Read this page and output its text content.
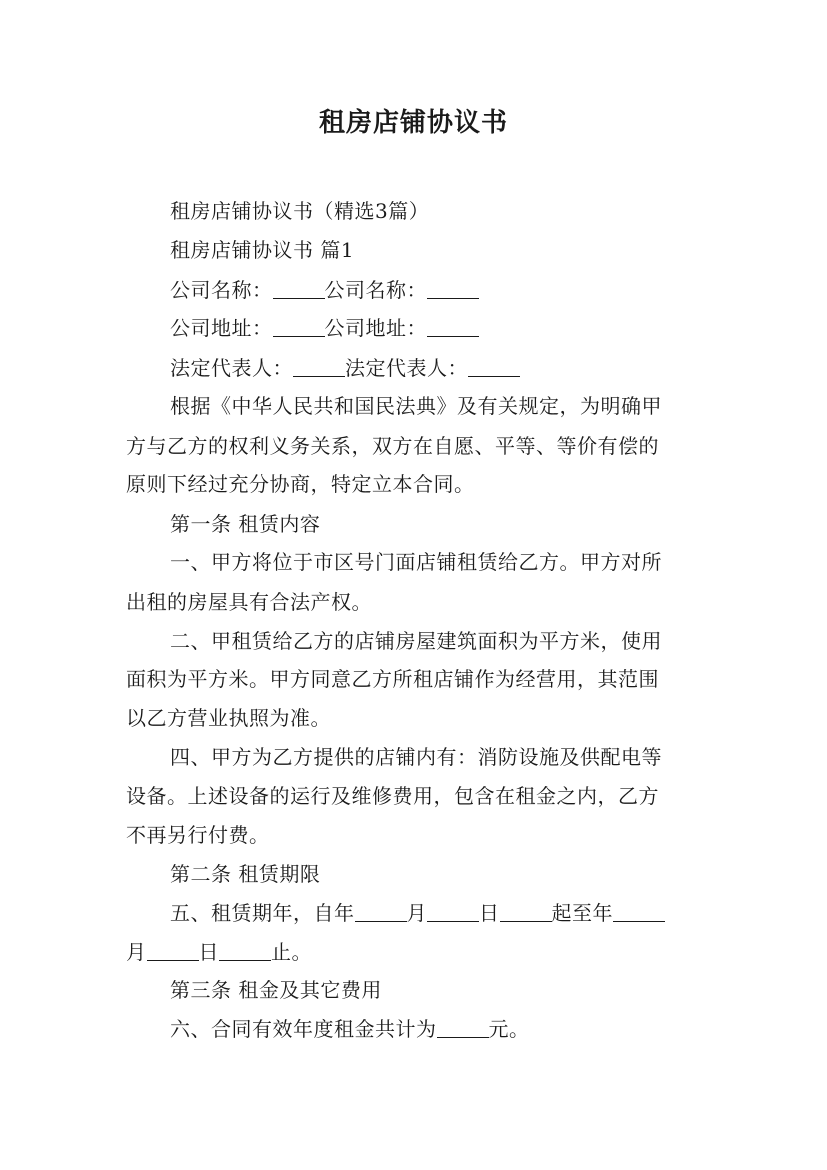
租房店铺协议书
租房店铺协议书（精选3篇）
租房店铺协议书 篇1
公司名称：	公司名称：
公司地址：	公司地址：
法定代表人：	法定代表人：
根据《中华人民共和国民法典》及有关规定，为明确甲
方与乙方的权利义务关系，双方在自愿、平等、等价有偿的
原则下经过充分协商，特定立本合同。
第一条 租赁内容
一、甲方将位于市区号门面店铺租赁给乙方。甲方对所
出租的房屋具有合法产权。
二、甲租赁给乙方的店铺房屋建筑面积为平方米，使用
面积为平方米。甲方同意乙方所租店铺作为经营用，其范围
以乙方营业执照为准。
四、甲方为乙方提供的店铺内有：消防设施及供配电等
设备。上述设备的运行及维修费用，包含在租金之内，乙方
不再另行付费。
第二条 租赁期限
五、租赁期年，自年	月	日	起至年
月	日	止。
第三条 租金及其它费用
六、合同有效年度租金共计为	元。
